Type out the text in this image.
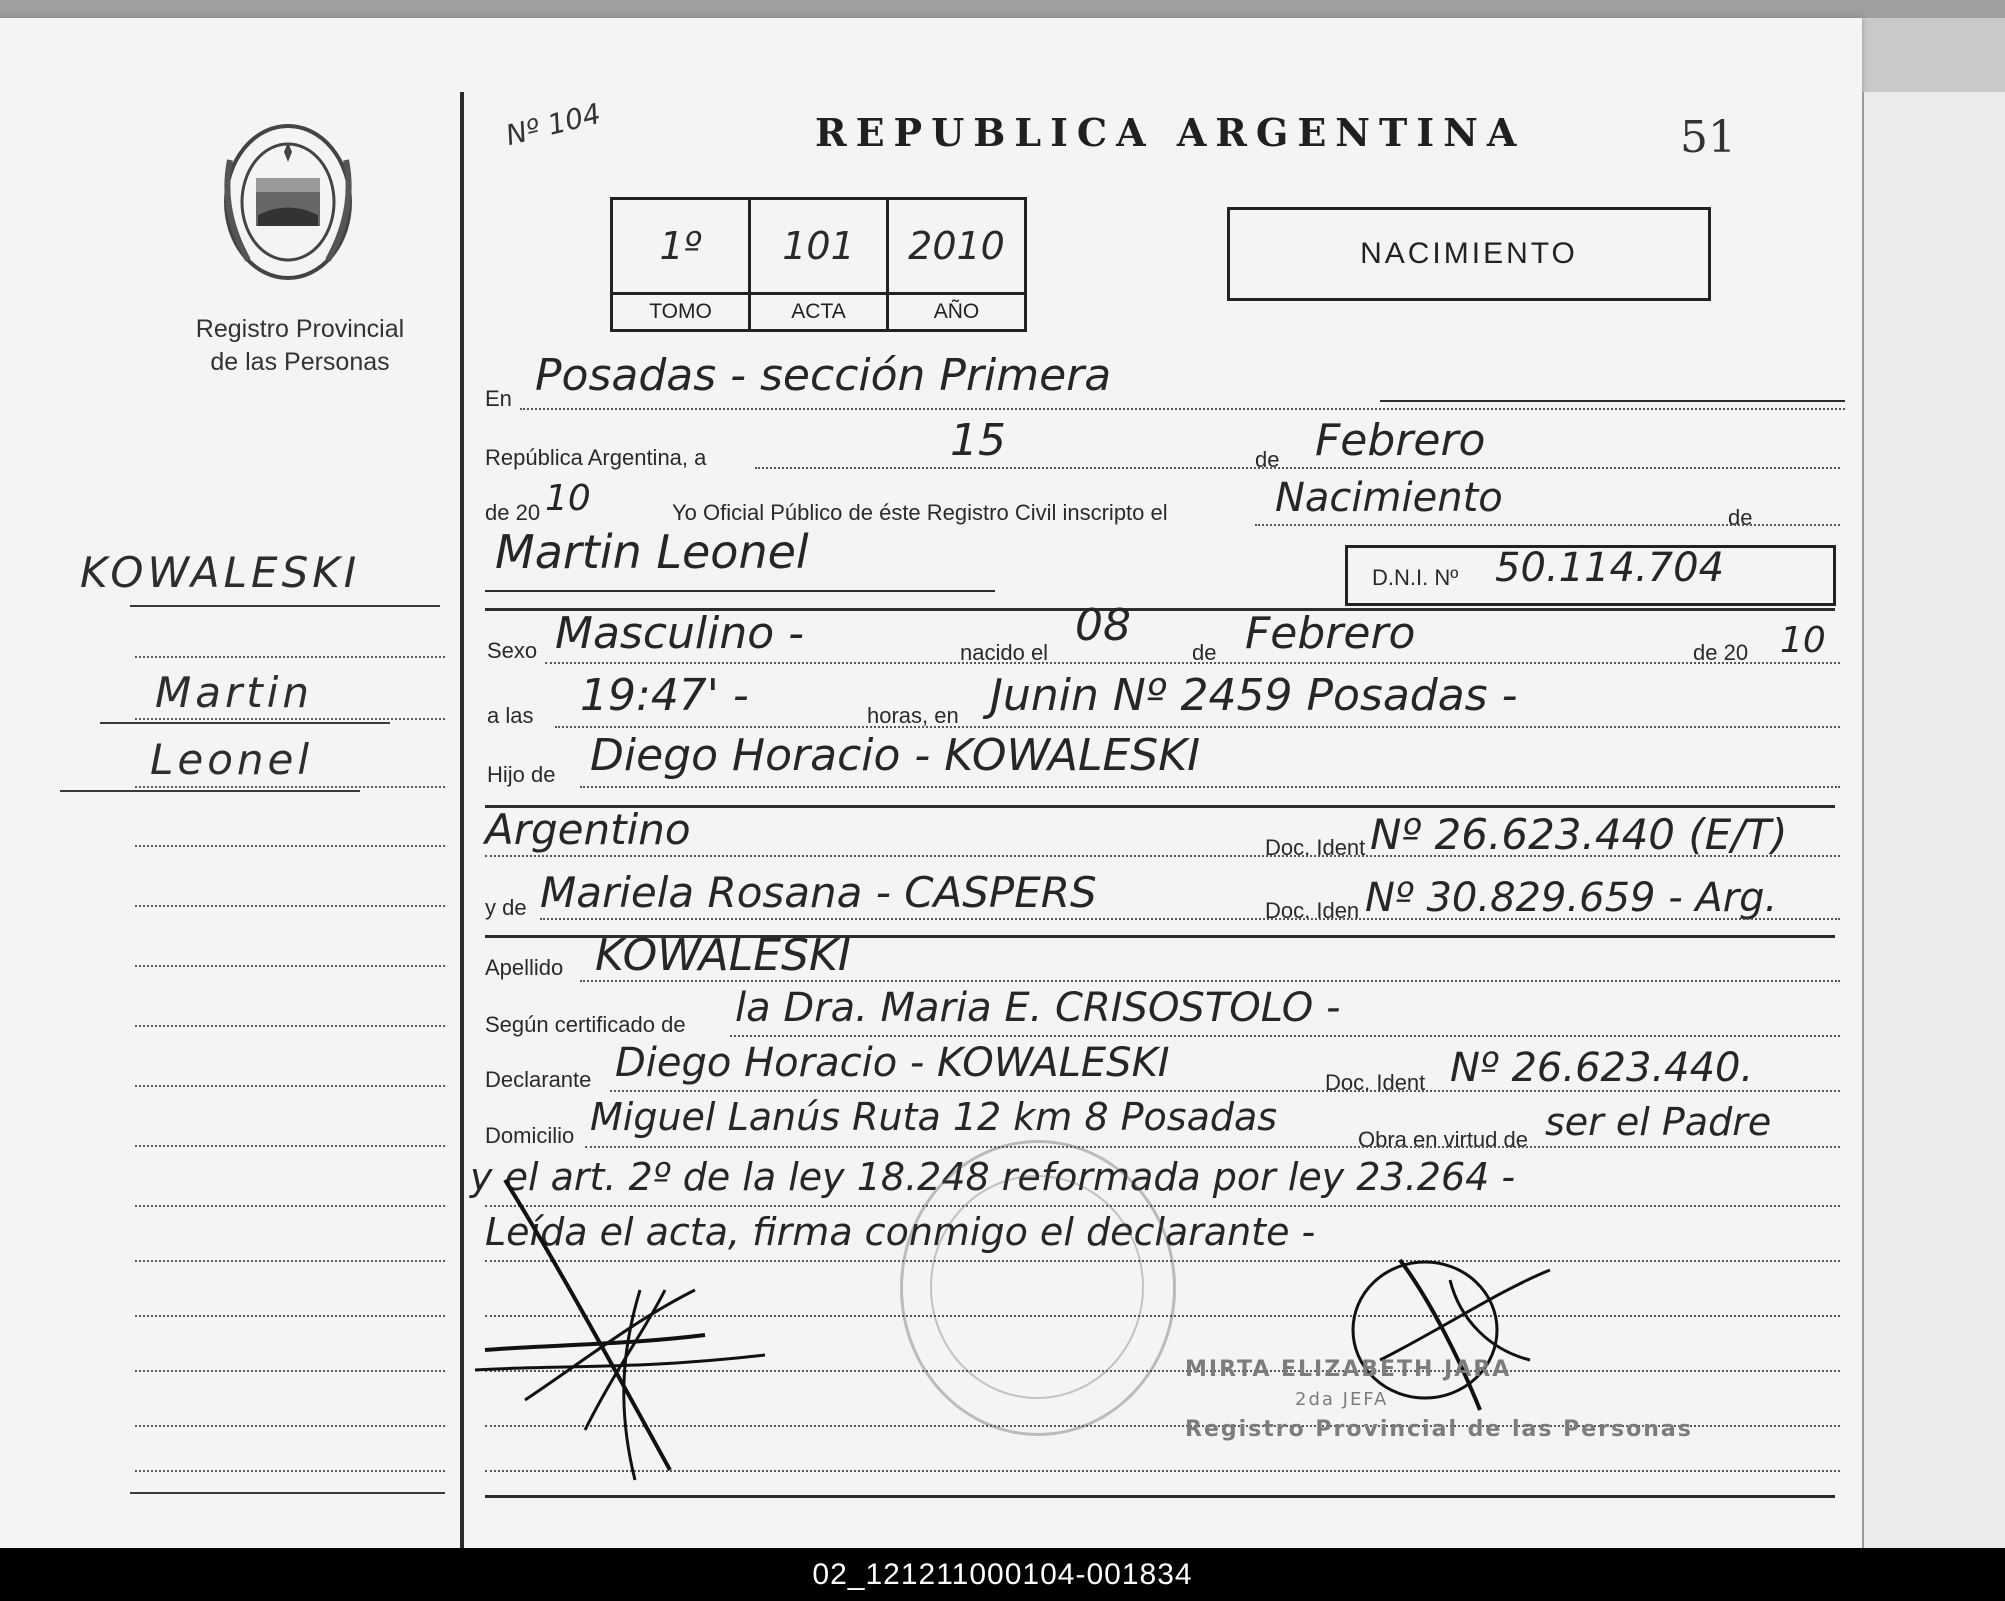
Registro Provincial
de las Personas
KOWALESKI
Martin
Leonel
Nº 104	REPUBLICA ARGENTINA	51
1º	101	2010
TOMO	ACTA	AÑO
NACIMIENTO
En Posadas - sección Primera
República Argentina, a	15	de Febrero
de 20 10	Yo Oficial Público de éste Registro Civil inscripto el	Nacimiento	de
Martin Leonel	D.N.I. Nº 50.114.704
Sexo Masculino -	nacido el
08
de Febrero	de 20 10
a las 19:47' -	horas, en Junin Nº 2459 Posadas -
Hijo de Diego Horacio - KOWALESKI
Argentino	Doc. Ident Nº 26.623.440 (E/T)
y de Mariela Rosana - CASPERS	Doc. Iden Nº 30.829.659 - Arg.
Apellido KOWALESKI
Según certificado de la Dra. Maria E. CRISOSTOLO -
Declarante Diego Horacio - KOWALESKI	Doc. Ident Nº 26.623.440.
Domicilio Miguel Lanús Ruta 12 km 8 Posadas
Obra en virtud de ser el Padre
y el art. 2º de la ley 18.248 reformada por ley 23.264 -
Leída el acta, firma conmigo el declarante -
MIRTA ELIZABETH JARA
2da JEFA
Registro Provincial de las Personas
02_121211000104-001834
